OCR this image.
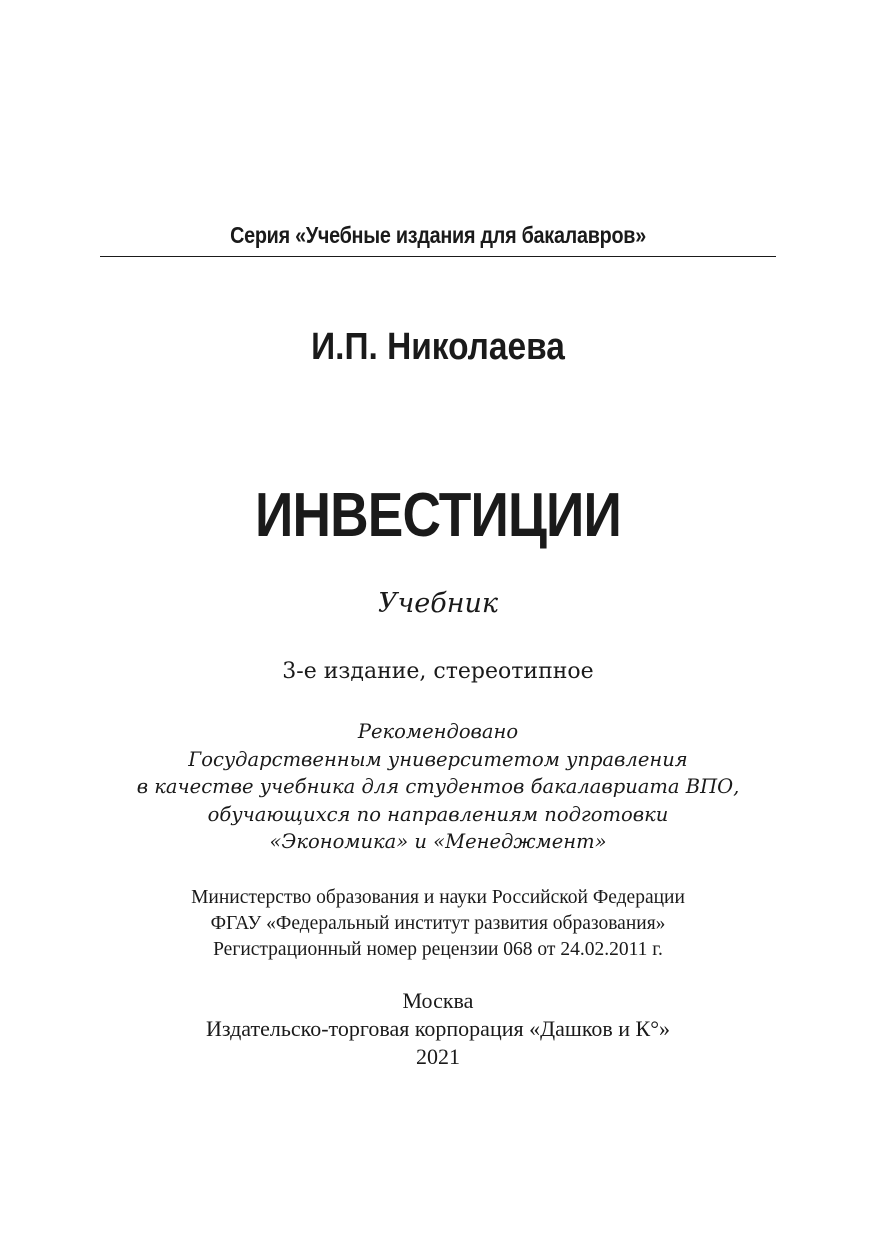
Серия «Учебные издания для бакалавров»
И.П. Николаева
ИНВЕСТИЦИИ
Учебник
3-е издание, стереотипное
Рекомендовано
Государственным университетом управления
в качестве учебника для студентов бакалавриата ВПО,
обучающихся по направлениям подготовки
«Экономика» и «Менеджмент»
Министерство образования и науки Российской Федерации
ФГАУ «Федеральный институт развития образования»
Регистрационный номер рецензии 068 от 24.02.2011 г.
Москва
Издательско-торговая корпорация «Дашков и К°»
2021
